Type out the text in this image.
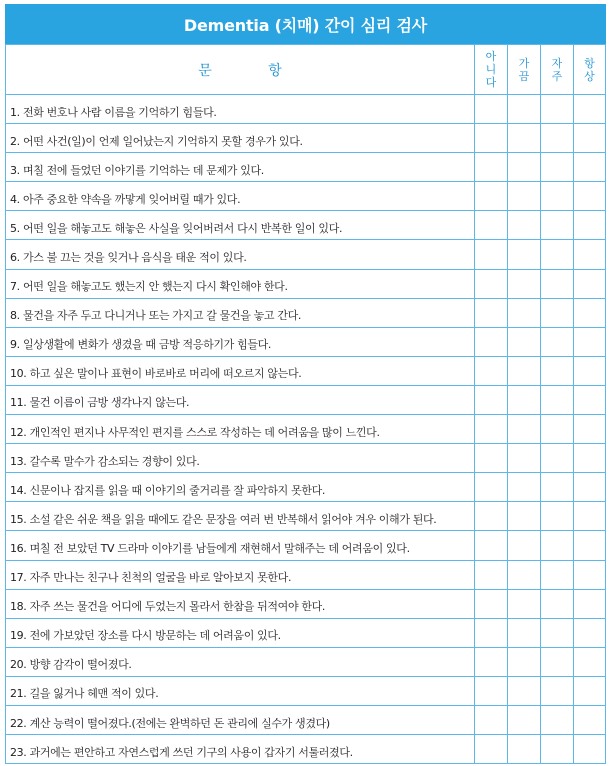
Dementia (치매) 간이 심리 검사
문 항	아니다	가끔	자주	항상

1. 전화 번호나 사람 이름을 기억하기 힘들다.				
2. 어떤 사건(일)이 언제 일어났는지 기억하지 못할 경우가 있다.				
3. 며칠 전에 들었던 이야기를 기억하는 데 문제가 있다.				
4. 아주 중요한 약속을 까맣게 잊어버릴 때가 있다.				
5. 어떤 일을 해놓고도 해놓은 사실을 잊어버려서 다시 반복한 일이 있다.				
6. 가스 불 끄는 것을 잊거나 음식을 태운 적이 있다.				
7. 어떤 일을 해놓고도 했는지 안 했는지 다시 확인해야 한다.				
8. 물건을 자주 두고 다니거나 또는 가지고 갈 물건을 놓고 간다.				
9. 일상생활에 변화가 생겼을 때 금방 적응하기가 힘들다.				
10. 하고 싶은 말이나 표현이 바로바로 머리에 떠오르지 않는다.				
11. 물건 이름이 금방 생각나지 않는다.				
12. 개인적인 편지나 사무적인 편지를 스스로 작성하는 데 어려움을 많이 느낀다.				
13. 갈수록 말수가 감소되는 경향이 있다.				
14. 신문이나 잡지를 읽을 때 이야기의 줄거리를 잘 파악하지 못한다.				
15. 소설 같은 쉬운 책을 읽을 때에도 같은 문장을 여러 번 반복해서 읽어야 겨우 이해가 된다.				
16. 며칠 전 보았던 TV 드라마 이야기를 남들에게 재현해서 말해주는 데 어려움이 있다.				
17. 자주 만나는 친구나 친척의 얼굴을 바로 알아보지 못한다.				
18. 자주 쓰는 물건을 어디에 두었는지 몰라서 한참을 뒤적여야 한다.				
19. 전에 가보았던 장소를 다시 방문하는 데 어려움이 있다.				
20. 방향 감각이 떨어졌다.				
21. 길을 잃거나 헤맨 적이 있다.				
22. 계산 능력이 떨어졌다.(전에는 완벽하던 돈 관리에 실수가 생겼다)				
23. 과거에는 편안하고 자연스럽게 쓰던 기구의 사용이 갑자기 서툴러졌다.				
